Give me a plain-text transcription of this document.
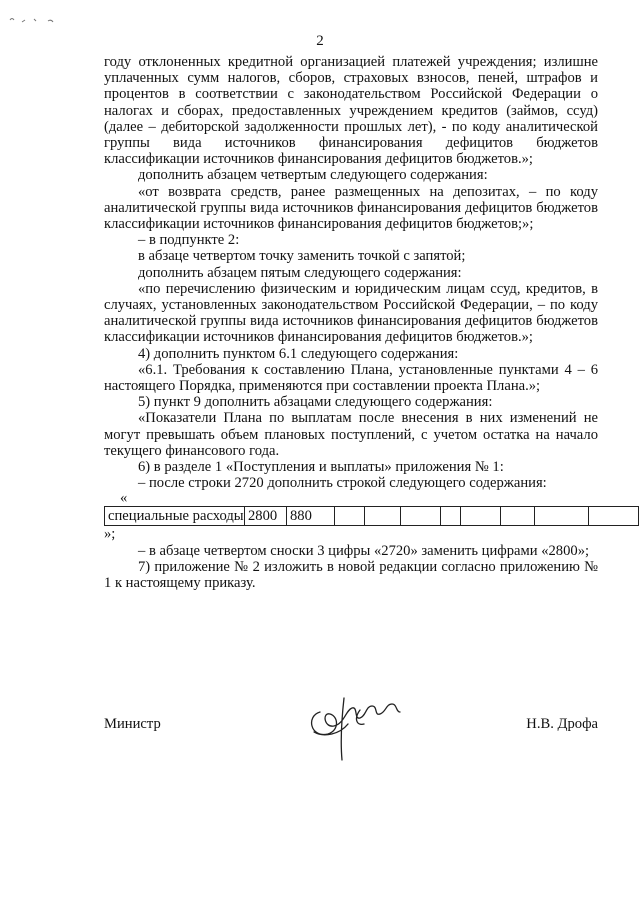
2

году отклоненных кредитной организацией платежей учреждения; излишне уплаченных сумм налогов, сборов, страховых взносов, пеней, штрафов и процентов в соответствии с законодательством Российской Федерации о налогах и сборах, предоставленных учреждением кредитов (займов, ссуд) (далее – дебиторской задолженности прошлых лет), - по коду аналитической группы вида источников финансирования дефицитов бюджетов классификации источников финансирования дефицитов бюджетов.»;

дополнить абзацем четвертым следующего содержания:

«от возврата средств, ранее размещенных на депозитах, – по коду аналитической группы вида источников финансирования дефицитов бюджетов классификации источников финансирования дефицитов бюджетов;»;

– в подпункте 2:

в абзаце четвертом точку заменить точкой с запятой;

дополнить абзацем пятым следующего содержания:

«по перечислению физическим и юридическим лицам ссуд, кредитов, в случаях, установленных законодательством Российской Федерации, – по коду аналитической группы вида источников финансирования дефицитов бюджетов классификации источников финансирования дефицитов бюджетов.»;

4) дополнить пунктом 6.1 следующего содержания:

«6.1. Требования к составлению Плана, установленные пунктами 4 – 6 настоящего Порядка, применяются при составлении проекта Плана.»;

5) пункт 9 дополнить абзацами следующего содержания:

«Показатели Плана по выплатам после внесения в них изменений не могут превышать объем плановых поступлений, с учетом остатка на начало текущего финансового года.

6) в разделе 1 «Поступления и выплаты» приложения № 1:

– после строки 2720 дополнить строкой следующего содержания:

«

специальные расходы	2800	880								

»;

– в абзаце четвертом сноски 3 цифры «2720» заменить цифрами «2800»;

7) приложение № 2 изложить в новой редакции согласно приложению № 1 к настоящему приказу.

Министр	Н.В. Дрофа
